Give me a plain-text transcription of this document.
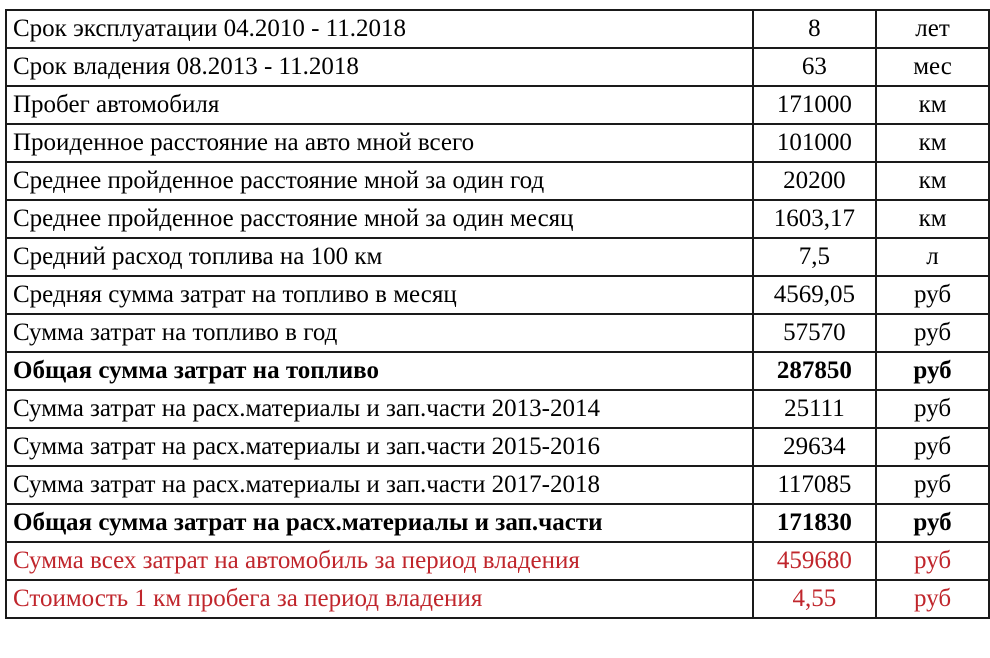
Срок эксплуатации 04.2010 - 11.2018	8	лет
Срок владения 08.2013 - 11.2018	63	мес
Пробег автомобиля	171000	км
Проиденное расстояние на авто мной всего	101000	км
Среднее пройденное расстояние мной за один год	20200	км
Среднее пройденное расстояние мной за один месяц	1603,17	км
Средний расход топлива на 100 км	7,5	л
Средняя сумма затрат на топливо в месяц	4569,05	руб
Сумма затрат на топливо в год	57570	руб
Общая сумма затрат на топливо	287850	руб
Сумма затрат на расх.материалы и зап.части 2013-2014	25111	руб
Сумма затрат на расх.материалы и зап.части 2015-2016	29634	руб
Сумма затрат на расх.материалы и зап.части 2017-2018	117085	руб
Общая сумма затрат на расх.материалы и зап.части	171830	руб
Сумма всех затрат на автомобиль за период владения	459680	руб
Стоимость 1 км пробега за период владения	4,55	руб
